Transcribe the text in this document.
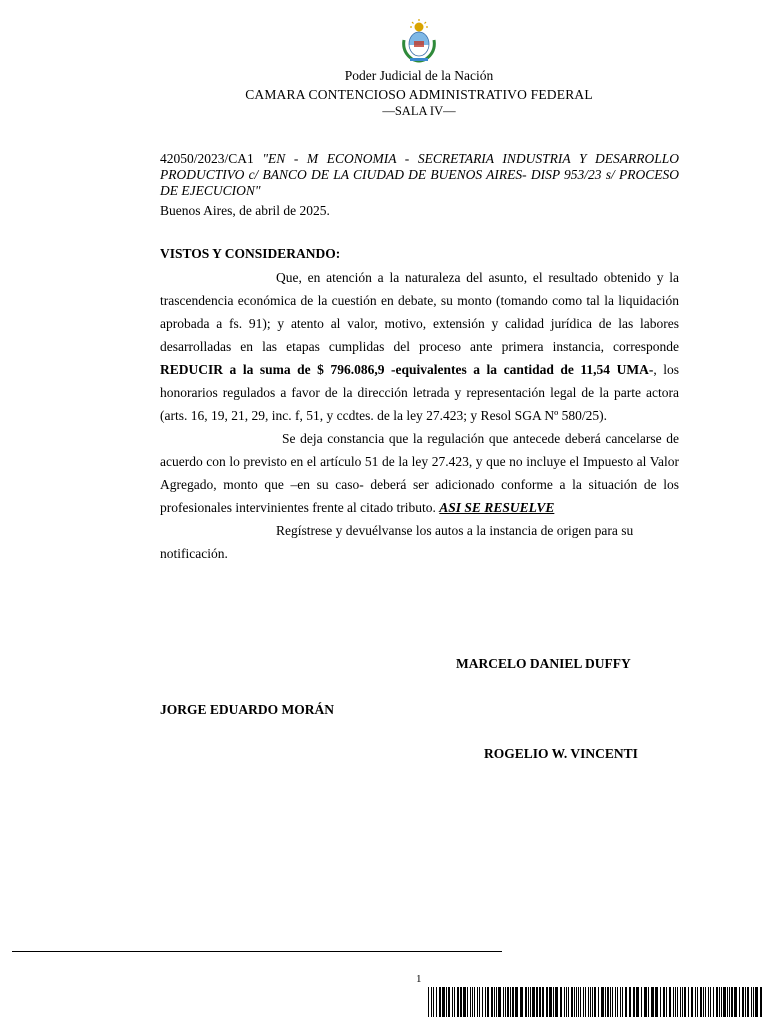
Poder Judicial de la Nación
CAMARA CONTENCIOSO ADMINISTRATIVO FEDERAL
—SALA IV—
42050/2023/CA1 "EN - M ECONOMIA - SECRETARIA INDUSTRIA Y DESARROLLO PRODUCTIVO c/ BANCO DE LA CIUDAD DE BUENOS AIRES- DISP 953/23 s/ PROCESO DE EJECUCION"
Buenos Aires, de abril de 2025.
VISTOS Y CONSIDERANDO:

Que, en atención a la naturaleza del asunto, el resultado obtenido y la trascendencia económica de la cuestión en debate, su monto (tomando como tal la liquidación aprobada a fs. 91); y atento al valor, motivo, extensión y calidad jurídica de las labores desarrolladas en las etapas cumplidas del proceso ante primera instancia, corresponde REDUCIR a la suma de $ 796.086,9 -equivalentes a la cantidad de 11,54 UMA-, los honorarios regulados a favor de la dirección letrada y representación legal de la parte actora (arts. 16, 19, 21, 29, inc. f, 51, y ccdtes. de la ley 27.423; y Resol SGA Nº 580/25).

Se deja constancia que la regulación que antecede deberá cancelarse de acuerdo con lo previsto en el artículo 51 de la ley 27.423, y que no incluye el Impuesto al Valor Agregado, monto que –en su caso- deberá ser adicionado conforme a la situación de los profesionales intervinientes frente al citado tributo. ASI SE RESUELVE

Regístrese y devuélvanse los autos a la instancia de origen para su notificación.

MARCELO DANIEL DUFFY
JORGE EDUARDO MORÁN
ROGELIO W. VINCENTI
1
